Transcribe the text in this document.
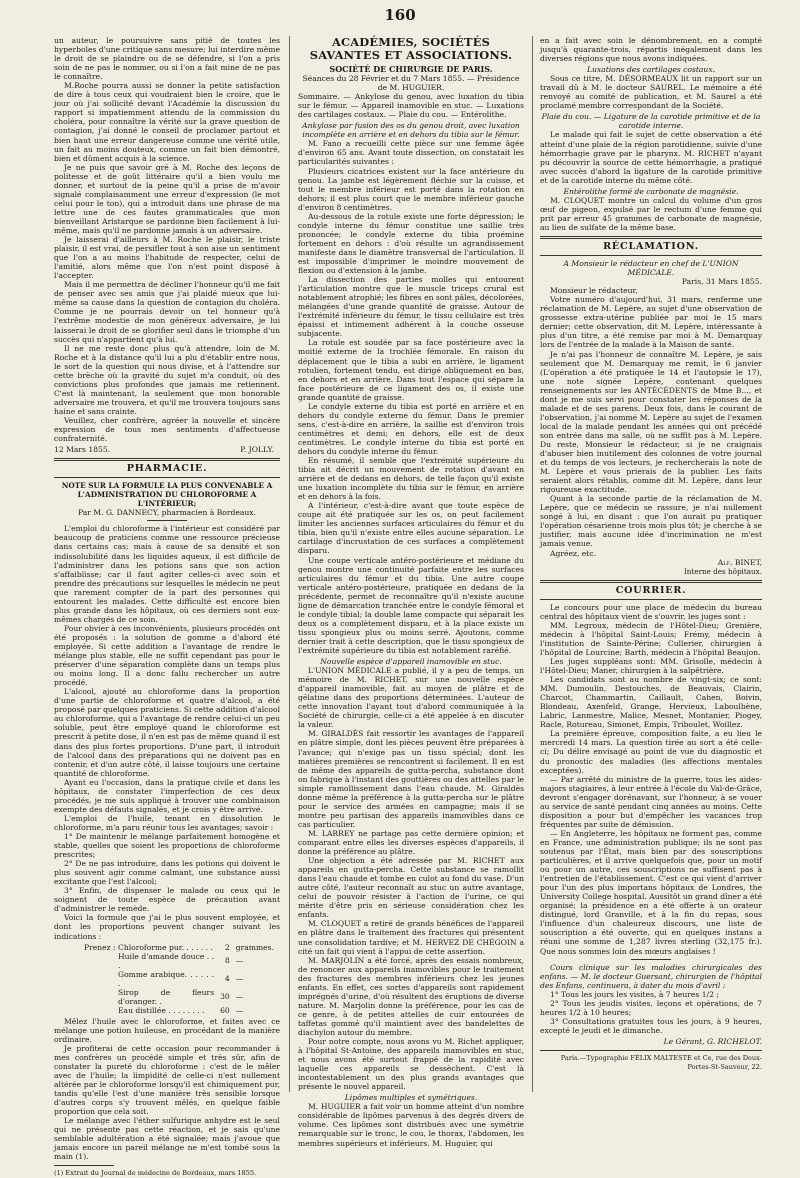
160

un auteur, le poursuivre sans pitié de toutes les hyperboles d'une critique sans mesure; lui interdire même le droit de se plaindre ou de se défendre, si l'on a pris soin de ne pas le nommer, ou si l'on a fait mine de ne pas le connaître.

M.Roche pourra aussi se donner la petite satisfaction de dire à tous ceux qui voudraient bien le croire, que le jour où j'ai sollicité devant l'Académie la discussion du rapport si impatiemment attendu de la commission du choléra, pour connaître la vérité sur la grave question de contagion, j'ai donné le conseil de proclamer partout et bien haut une erreur dangereuse comme une vérité utile, un fait au moins douteux, comme un fait bien démontré, bien et dûment acquis à la science.

Je ne puis que savoir gré à M. Roche des leçons de politesse et de goût littéraire qu'il a bien voulu me donner, et surtout de la peine qu'il a prise de m'avoir signalé complaisamment une erreur d'expression (le mot celui pour le ton), qui a introduit dans une phrase de ma lettre une de ces fautes grammaticales que mon bienveillant Aristarque se pardonne bien facilement à lui-même, mais qu'il ne pardonne jamais à un adversaire.

Je laisserai d'ailleurs à M. Roche le plaisir, le triste plaisir, il est vrai, de persifler tout à son aise un sentiment que l'on a au moins l'habitude de respecter, celui de l'amitié, alors même que l'on n'est point disposé à l'accepter.

Mais il me permettra de décliner l'honneur qu'il me fait de penser avec ses amis que j'ai plaidé mieux que lui-même sa cause dans la question de contagion du choléra. Comme je ne pourrais devoir un tel honneur qu'à l'extrême modestie de mon généreux adversaire, je lui laisserai le droit de se glorifier seul dans le triomphe d'un succès qui n'appartient qu'à lui.

Il ne me reste donc plus qu'à attendre, loin de M. Roche et à la distance qu'il lui a plu d'établir entre nous, le sort de la question qui nous divise, et à l'attendre sur cette brèche où la gravité du sujet m'a conduit, où des convictions plus profondes que jamais me retiennent. C'est là maintenant, la seulement que mon honorable adversaire me trouvera, et qu'il me trouvera toujours sans haine et sans crainte.

Veuillez, cher confrère, agréer la nouvelle et sincère expression de tous mes sentiments d'affectueuse confraternité.

12 Mars 1855.	P. JOLLY.
PHARMACIE.
NOTE SUR LA FORMULE LA PLUS CONVENABLE A L'ADMINISTRATION DU CHLOROFORME A L'INTÉRIEUR;

Par M. G. DANNECY, pharmacien à Bordeaux.

L'emploi du chloroforme à l'intérieur est considéré par beaucoup de praticiens comme une ressource précieuse dans certains cas; mais à cause de sa densité et son indissolubilité dans les liquides aqueux, il est difficile de l'administrer dans les potions sans que son action s'affaiblisse; car il faut agiter celles-ci avec soin et prendre des précautions sur lesquelles le médecin ne peut que rarement compter de la part des personnes qui entourent les malades. Cette difficulté est encore bien plus grande dans les hôpitaux, où ces derniers sont eux-mêmes chargés de ce soin.

Pour obvier à ces inconvénients, plusieurs procédés ont été proposés : la solution de gomme a d'abord été employée. Si cette addition a l'avantage de rendre le mélange plus stable, elle ne suffit cependant pas pour le préserver d'une séparation complète dans un temps plus ou moins long. Il a donc fallu rechercher un autre procédé.

L'alcool, ajouté au chloroforme dans la proportion d'une partie de chloroforme et quatre d'alcool, a été proposé par quelques praticiens. Si cette addition d'alcool au chloroforme, qui a l'avantage de rendre celui-ci un peu soluble, peut être employé quand le chloroforme est prescrit à petite dose, il n'en est pas de même quand il est dans des plus fortes proportions. D'une part, il introduit de l'alcool dans des préparations qui ne doivent pas en contenir, et d'un autre côté, il laisse toujours une certaine quantité de chloroforme.

Ayant eu l'occasion, dans la pratique civile et dans les hôpitaux, de constater l'imperfection de ces deux procédés, je me suis appliqué à trouver une combinaison exempte des défauts signalés, et je crois y être arrivé.

L'emploi de l'huile, tenant en dissolution le chloroforme, m'a paru réunir tous les avantages; savoir :

1° De maintenir le mélange parfaitement homogène et stable, quelles que soient les proportions de chloroforme prescrites;

2° De ne pas introduire, dans les potions qui doivent le plus souvent agir comme calmant, une substance aussi excitante que l'est l'alcool;

3° Enfin, de dispenser le malade ou ceux qui le soignent de toute espèce de précaution avant d'administrer le remède.

Voici la formule que j'ai le plus souvent employée, et dont les proportions peuvent changer suivant les indications :

Prenez : Chloroforme pur. . . . . . .	2	grammes.
Huile d'amande douce . . .	8	—
Gomme arabique. . . . . . .	4	—
Sirop de fleurs d'oranger. .	30	—
Eau distillée . . . . . . . .	60	—

Mêlez l'huile avec le chloroforme, et faites avec ce mélange une potion huileuse, en procédant de la manière ordinaire.

Je profiterai de cette occasion pour recommander à mes confrères un procédé simple et très sûr, afin de constater la pureté du chloroforme : c'est de le mêler avec de l'huile; la limpidité de celle-ci n'est nullement altérée par le chloroforme lorsqu'il est chimiquement pur, tandis qu'elle l'est d'une manière très sensible lorsque d'autres corps s'y trouvent mêlés, en quelque faible proportion que cela soit.

Le mélange avec l'éther sulfurique anhydre est le seul qui ne présente pas cette réaction, et je sais qu'une semblable adultération a été signalée; mais j'avoue que jamais encore un pareil mélange ne m'est tombé sous la main (1).

(1) Extrait du Journal de médecine de Bordeaux, mars 1855.
ACADÉMIES, SOCIÉTÉS SAVANTES ET ASSOCIATIONS.
SOCIÉTÉ DE CHIRURGIE DE PARIS.

Séances du 28 Février et du 7 Mars 1855. — Présidence de M. HUGUIER.

Sommaire. — Ankylose du genou, avec luxation du tibia sur le fémur. — Appareil inamovible en stuc. — Luxations des cartilages costaux. — Plaie du cou. — Entérolithe.

Ankylose par fusion des os du genou droit, avec luxation incomplète en arrière et en dehors du tibia sur le fémur.

M. Fano a recueilli cette pièce sur une femme âgée d'environ 65 ans. Avant toute dissection, on constatait les particularités suivantes :

Plusieurs cicatrices existent sur la face antérieure du genou. La jambe est légèrement fléchie sur la cuisse, et tout le membre inférieur est porté dans la rotation en dehors; il est plus court que le membre inférieur gauche d'environ 8 centimètres.

Au-dessous de la rotule existe une forte dépression; le condyle interne du fémur constitue une saillie très prononcée; le condyle externe du tibia proémine fortement en dehors : d'où résulte un agrandissement manifeste dans le diamètre transversal de l'articulation. Il est impossible d'imprimer le moindre mouvement de flexion ou d'extension à la jambe.

La dissection des parties molles qui entourent l'articulation montre que le muscle triceps crural est notablement atrophié; les fibres en sont pâles, décolorées, mélangées d'une grande quantité de graisse. Autour de l'extrémité inférieure du fémur, le tissu cellulaire est très épaissi et intimement adhérent à la couche osseuse subjacente.

La rotule est soudée par sa face postérieure avec la moitié externe de la trochlée fémorale. En raison du déplacement que le tibia a subi en arrière, le ligament rotulien, fortement tendu, est dirigé obliquement en bas, en dehors et en arrière. Dans tout l'espace qui sépare la face postérieure de ce ligament des os, il existe une grande quantité de graisse.

Le condyle externe du tibia est porté en arrière et en dehors du condyle externe du fémur. Dans le premier sens, c'est-à-dire en arrière, la saillie est d'environ trois centimètres et demi; en dehors, elle est de deux centimètres. Le condyle interne du tibia est porté en dehors du condyle interne du fémur.

En résumé, il semble que l'extrémité supérieure du tibia ait décrit un mouvement de rotation d'avant en arrière et de dedans en dehors, de telle façon qu'il existe une luxation incomplète du tibia sur le fémur, en arrière et en dehors à la fois.

A l'intérieur, c'est-à-dire avant que toute espèce de coupe ait été pratiquée sur les os, on peut facilement limiter les anciennes surfaces articulaires du fémur et du tibia, bien qu'il n'existe entre elles aucune séparation. Le cartilage d'incrustation de ces surfaces a complètement disparu.

Une coupe verticale antéro-postérieure et médiane du genou montre une continuité parfaite entre les surfaces articulaires du fémur et du tibia. Une autre coupe verticale antéro-postérieure, pratiquée en dedans de la précédente, permet de reconnaître qu'il n'existe aucune ligne de démarcation tranchée entre le condyle fémoral et le condyle tibial; la double lame compacte qui séparait les deux os a complètement disparu, et à la place existe un tissu spongieux plus ou moins serré. Ajoutons, comme dernier trait à cette description, que le tissu spongieux de l'extrémité supérieure du tibia est notablement raréfié.

Nouvelle espèce d'appareil inamovible en stuc.

L'UNION MÉDICALE a publié, il y a peu de temps, un mémoire de M. RICHET, sur une nouvelle espèce d'appareil inamovible, fait au moyen de plâtre et de gélatine dans des proportions déterminées. L'auteur de cette innovation l'ayant tout d'abord communiquée à la Société de chirurgie, celle-ci a été appelée à en discuter la valeur.

M. GIRALDÈS fait ressortir les avantages de l'appareil en plâtre simple, dont les pièces peuvent être préparées à l'avance; qui n'exige pas un tissu spécial; dont les matières premières se rencontrent si facilement. Il en est de même des appareils de gutta-percha, substance dont on fabrique à l'instant des gouttières ou des attelles par le simple ramollissement dans l'eau chaude. M. Giraldès donne même la préférence à la gutta-percha sur le plâtre pour le service des armées en campagne; mais il se montre peu partisan des appareils inamovibles dans ce cas particulier.

M. LARREY ne partage pas cette dernière opinion; et comparant entre elles les diverses espèces d'appareils, il donne la préférence au plâtre.

Une objection a été adressée par M. RICHET aux appareils en gutta-percha. Cette substance se ramollit dans l'eau chaude et tombe en culot au fond du vase. D'un autre côté, l'auteur reconnaît au stuc un autre avantage, celui de pouvoir résister à l'action de l'urine, ce qui mérite d'être pris en sérieuse considération chez les enfants.

M. CLOQUET a retiré de grands bénéfices de l'appareil en plâtre dans le traitement des fractures qui présentent une consolidation tardive; et M. HERVEZ DE CHÉGOIN a cité un fait qui vient à l'appui de cette assertion.

M. MARJOLIN a été forcé, après des essais nombreux, de renoncer aux appareils inamovibles pour le traitement des fractures des membres inférieurs chez les jeunes enfants. En effet, ces sortes d'appareils sont rapidement imprégnés d'urine, d'où résultent des éruptions de diverse nature. M. Marjolin donne la préférence, pour les cas de ce genre, à de petites attelles de cuir entourées de taffetas gommé qu'il maintient avec des bandelettes de diachylon autour du membre.

Pour notre compte, nous avons vu M. Richet appliquer, à l'hôpital St-Antoine, des appareils inamovibles en stuc, et nous avons été surtout frappé de la rapidité avec laquelle ces appareils se dessèchent. C'est là incontestablement un des plus grands avantages que présente le nouvel appareil.

Lipômes multiples et symétriques.

M. HUGUIER a fait voir un homme atteint d'un nombre considérable de lipômes parvenus à des degrés divers de volume. Ces lipômes sont distribués avec une symétrie remarquable sur le tronc, le cou, le thorax, l'abdomen, les membres supérieurs et inférieurs. M. Huguier, qui

en a fait avec soin le dénombrement, en a compté jusqu'à quarante-trois, répartis inégalement dans les diverses régions que nous avons indiquées.

Luxations des cartilages costaux.

Sous ce titre, M. DÉSORMEAUX lit un rapport sur un travail dû à M. le docteur SAUREL. Le mémoire a été renvoyé au comité de publication, et M. Saurel a été proclamé membre correspondant de la Société.

Plaie du cou. — Ligature de la carotide primitive et de la carotide interne.

Le malade qui fait le sujet de cette observation a été atteint d'une plaie de la région parotidienne, suivie d'une hémorrhagie grave par le pharynx. M. RICHET n'ayant pu découvrir la source de cette hémorrhagie, a pratiqué avec succès d'abord la ligature de la carotide primitive et de la carotide interne du même côté.

Entérolithe formé de carbonate de magnésie.

M. CLOQUET montre un calcul du volume d'un gros œuf de pigeon, expulsé par le rectum d'une femme qui prit par erreur 45 grammes de carbonate de magnésie, au lieu de sulfate de la même base.

RÉCLAMATION.

A Monsieur le rédacteur en chef de L'UNION MÉDICALE.

Paris, 31 Mars 1855.

Monsieur le rédacteur,

Votre numéro d'aujourd'hui, 31 mars, renferme une réclamation de M. Lepère, au sujet d'une observation de grossesse extra-utérine publiée par moi le 15 mars dernier; cette observation, dit M. Lepère, intéressante à plus d'un titre, a été remise par moi à M. Demarquay lors de l'entrée de la malade à la Maison de santé.

Je n'ai pas l'honneur de connaître M. Lepère, je sais seulement que M. Demarquay me remit, le 6 janvier (L'opération a été pratiquée le 14 et l'autopsie le 17), une note signée Lepère, contenant quelques renseignements sur les ANTÉCÉDENTS de Mme B..., et dont je me suis servi pour constater les réponses de la malade et de ses parens. Deux fois, dans le courant de l'observation, j'ai nommé M. Lepère au sujet de l'examen local de la malade pendant les années qui ont précédé son entrée dans ma salle, où ne suffit pas à M. Lepère. Du reste, Monsieur le rédacteur, si je ne craignais d'abuser bien inutilement des colonnes de votre journal et du temps de vos lecteurs, je rechercherais la note de M. Lepère et vous prierais de la publier. Les faits seraient alors rétablis, comme dit M. Lepère, dans leur rigoureuse exactitude.

Quant à la seconde partie de la réclamation de M. Lepère, que ce médecin se rassure, je n'ai nullement songé à lui, en disant : que l'on aurait pu pratiquer l'opération césarienne trois mois plus tôt; je cherche à se justifier, mais aucune idée d'incrimination ne m'est jamais venue.

Agréez, etc.

Alf. BINET,

Interne des hôpitaux.

COURRIER.

Le concours pour une place de médecin du bureau central des hôpitaux vient de s'ouvrir, les juges sont :

MM. Legroux, médecin de l'Hôtel-Dieu; Grenière, médecin à l'hôpital Saint-Louis; Frémy, médecin à l'institution de Sainte-Périne; Cullerier, chirurgien à l'hôpital de Lourcine; Barth, médecin à l'hôpital Beaujon.

Les juges suppléans sont: MM. Grisolle, médecin à l'Hôtel-Dieu; Maner, chirurgien à la salpêtrière.

Les candidats sont au nombre de vingt-six; ce sont: MM. Dumoulin, Destouches, de Beauvais, Clairin, Charcot, Chammartin, Caillault, Cahen, Boivin, Blondeau, Axenfeld, Grange, Hervieux, Laboulbène, Labric, Lanmestre, Malice, Mesnet, Montanier, Piogey, Racle, Rotureau, Simonet, Empis, Triboulet, Woillez.

La première épreuve, composition faite, a eu lieu le mercredi 14 mars. La question tirée au sort a été celle-ci; Du délire envisagé au point de vue du diagnostic et du pronostic des maladies (les affections mentales exceptées).

— Par arrêté du ministre de la guerre, tous les aides-majors stagiaires, à leur entrée à l'école du Val-de-Grâce, devront s'engager dorénavant, sur l'honneur, à se vouer au service de santé pendant cinq années au moins. Cette disposition a pour but d'empêcher les vacances trop fréquentes par suite de démission.

— En Angleterre, les hôpitaux ne forment pas, comme en France, une administration publique; ils ne sont pas soutenus par l'État, mais bien par des souscriptions particulières, et il arrive quelquefois que, pour un motif ou pour un autre, ces souscriptions ne suffisent pas à l'entretien de l'établissement. C'est ce qui vient d'arriver pour l'un des plus importans hôpitaux de Londres, the University College hospital. Aussitôt un grand dîner a été organisé; la présidence en a été offerte à un orateur distingué, lord Granville, et à la fin du repas, sous l'influence d'un chaleureux discours, une liste de souscription a été ouverte, qui en quelques instans a réuni une somme de 1,287 livres sterling (32,175 fr.). Que nous sommes loin des mœurs anglaises !

Cours clinique sur les maladies chirurgicales des enfans. — M. le docteur Guersant, chirurgien de l'hôpital des Enfans, continuera, à dater du mois d'avril :

1° Tous les jours les visites, à 7 heures 1/2 ;

2° Tous les jeudis visites, leçons et opérations, de 7 heures 1/2 à 10 heures;

3° Consultations gratuites tous les jours, à 9 heures, excepté le jeudi et le dimanche.

Le Gérant, G. RICHELOT.

Paris.—Typographie FÉLIX MALTESTE et Ce, rue des Deux-Portes-St-Sauveur, 22.
